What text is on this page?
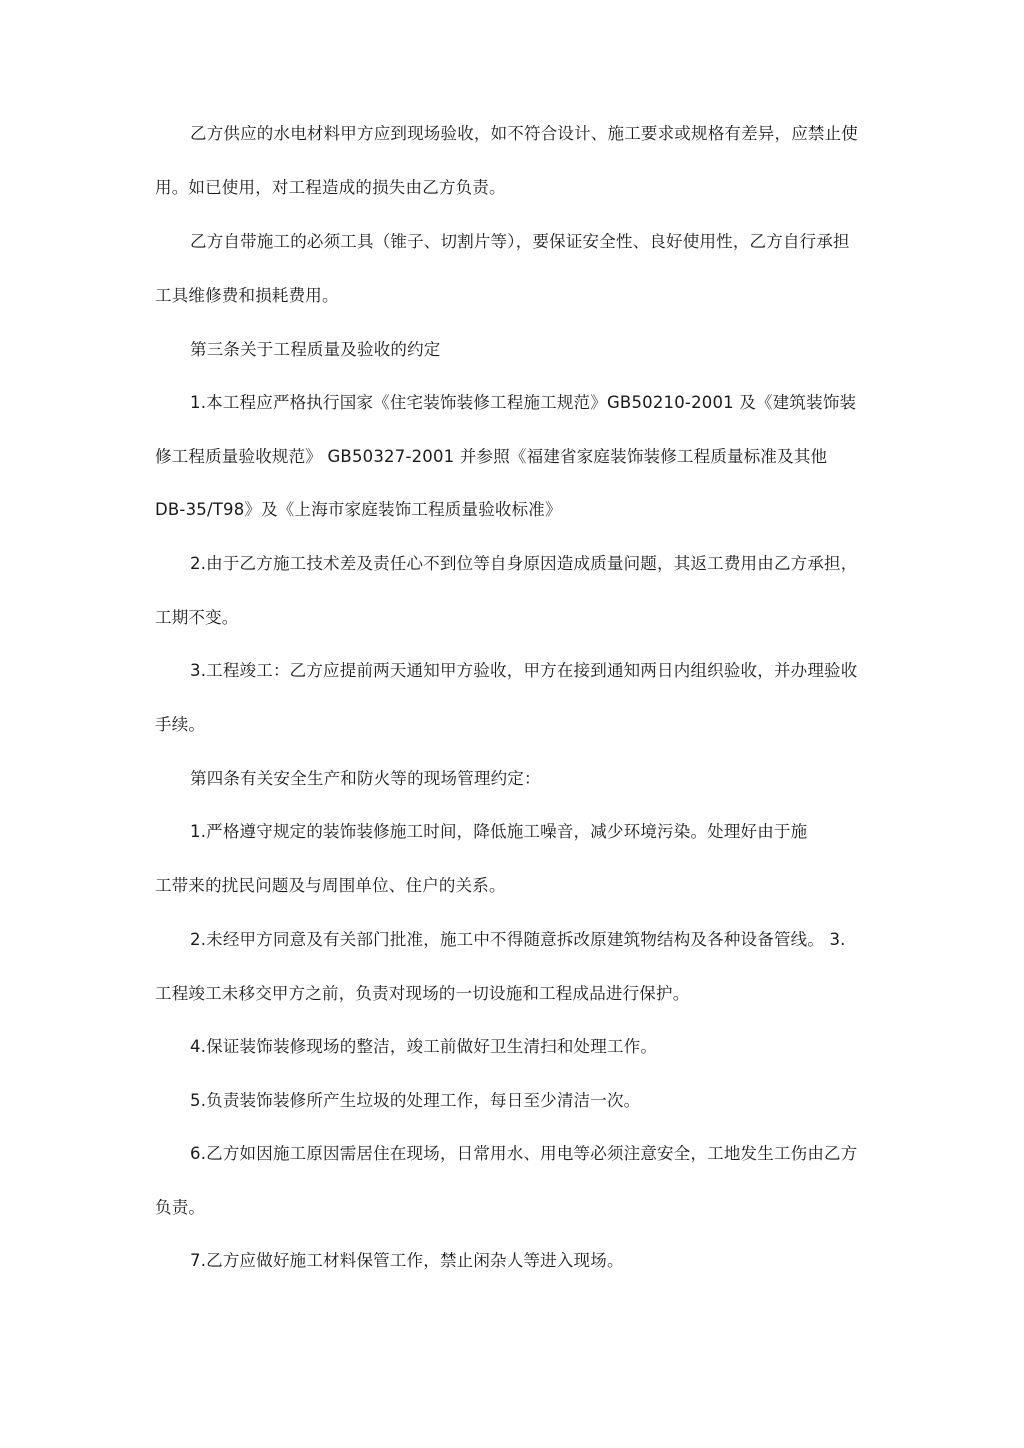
乙方供应的水电材料甲方应到现场验收，如不符合设计、施工要求或规格有差异，应禁止使
用。如已使用，对工程造成的损失由乙方负责。
乙方自带施工的必须工具（锥子、切割片等），要保证安全性、良好使用性，乙方自行承担
工具维修费和损耗费用。
第三条关于工程质量及验收的约定
1.本工程应严格执行国家《住宅装饰装修工程施工规范》GB50210-2001 及《建筑装饰装
修工程质量验收规范》 GB50327-2001 并参照《福建省家庭装饰装修工程质量标准及其他
DB-35/T98》及《上海市家庭装饰工程质量验收标准》
2.由于乙方施工技术差及责任心不到位等自身原因造成质量问题，其返工费用由乙方承担，
工期不变。
3.工程竣工：乙方应提前两天通知甲方验收，甲方在接到通知两日内组织验收，并办理验收
手续。
第四条有关安全生产和防火等的现场管理约定：
1.严格遵守规定的装饰装修施工时间，降低施工噪音，减少环境污染。处理好由于施
工带来的扰民问题及与周围单位、住户的关系。
2.未经甲方同意及有关部门批准，施工中不得随意拆改原建筑物结构及各种设备管线。 3.
工程竣工未移交甲方之前，负责对现场的一切设施和工程成品进行保护。
4.保证装饰装修现场的整洁，竣工前做好卫生清扫和处理工作。
5.负责装饰装修所产生垃圾的处理工作，每日至少清洁一次。
6.乙方如因施工原因需居住在现场，日常用水、用电等必须注意安全，工地发生工伤由乙方
负责。
7.乙方应做好施工材料保管工作，禁止闲杂人等进入现场。
